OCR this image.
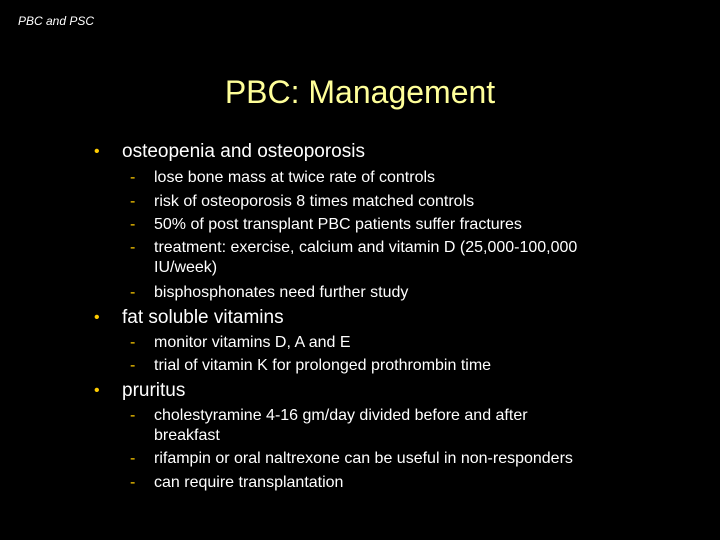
PBC and PSC
PBC: Management
• osteopenia and osteoporosis
- lose bone mass at twice rate of controls
- risk of osteoporosis 8 times matched controls
- 50% of post transplant PBC patients suffer fractures
- treatment: exercise, calcium and vitamin D (25,000-100,000 IU/week)
- bisphosphonates need further study
• fat soluble vitamins
- monitor vitamins D, A and E
- trial of vitamin K for prolonged prothrombin time
• pruritus
- cholestyramine 4-16 gm/day divided before and after breakfast
- rifampin or oral naltrexone can be useful in non-responders
- can require transplantation
